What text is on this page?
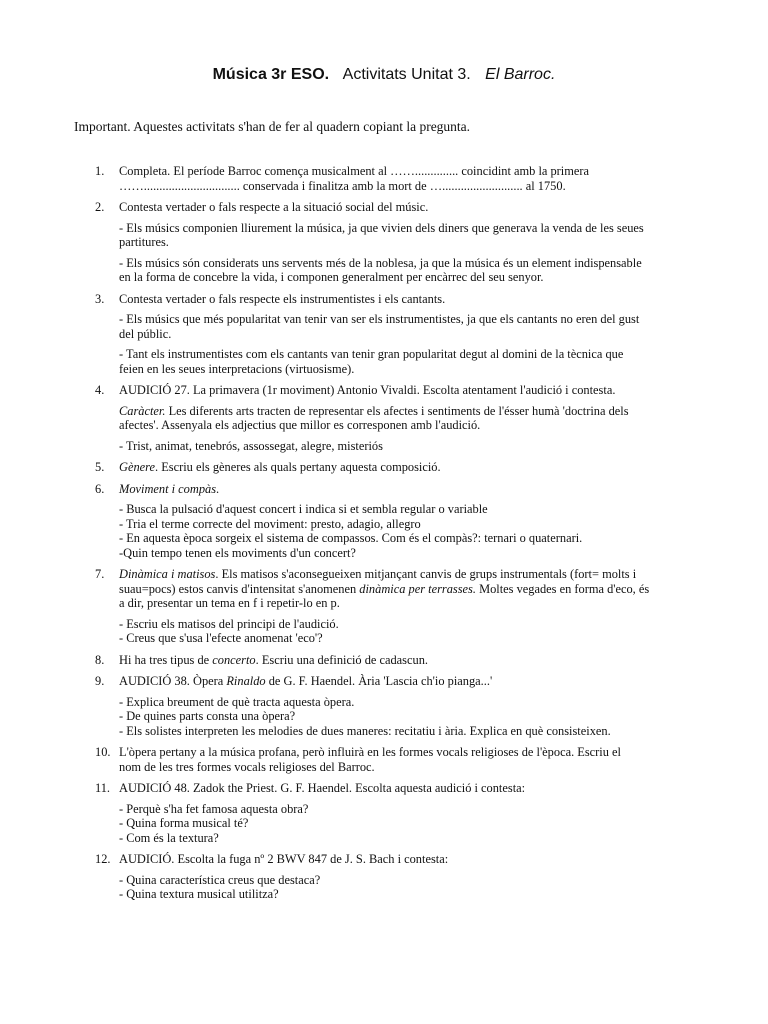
Música 3r ESO. Activitats Unitat 3. El Barroc.
Important. Aquestes activitats s'han de fer al quadern copiant la pregunta.
1. Completa. El període Barroc comença musicalment al …….............. coincidint amb la primera
……............................... conservada i finalitza amb la mort de ….......................... al 1750.
2. Contesta vertader o fals respecte a la situació social del músic.
- Els músics componien lliurement la música, ja que vivien dels diners que generava la venda de les seues
partitures.
- Els músics són considerats uns servents més de la noblesa, ja que la música és un element indispensable
en la forma de concebre la vida, i componen generalment per encàrrec del seu senyor.
3. Contesta vertader o fals respecte els instrumentistes i els cantants.
- Els músics que més popularitat van tenir van ser els instrumentistes, ja que els cantants no eren del gust
del públic.
- Tant els instrumentistes com els cantants van tenir gran popularitat degut al domini de la tècnica que
feien en les seues interpretacions (virtuosisme).
4. AUDICIÓ 27. La primavera (1r moviment) Antonio Vivaldi. Escolta atentament l'audició i contesta.
Caràcter. Les diferents arts tracten de representar els afectes i sentiments de l'ésser humà 'doctrina dels
afectes'. Assenyala els adjectius que millor es corresponen amb l'audició.
- Trist, animat, tenebrós, assossegat, alegre, misteriós
5. Gènere. Escriu els gèneres als quals pertany aquesta composició.
6. Moviment i compàs.
- Busca la pulsació d'aquest concert i indica si et sembla regular o variable
- Tria el terme correcte del moviment: presto, adagio, allegro
- En aquesta època sorgeix el sistema de compassos. Com és el compàs?: ternari o quaternari.
-Quin tempo tenen els moviments d'un concert?
7. Dinàmica i matisos. Els matisos s'aconsegueixen mitjançant canvis de grups instrumentals (fort= molts i
suau=pocs) estos canvis d'intensitat s'anomenen dinàmica per terrasses. Moltes vegades en forma d'eco, és
a dir, presentar un tema en f i repetir-lo en p.
- Escriu els matisos del principi de l'audició.
- Creus que s'usa l'efecte anomenat 'eco'?
8. Hi ha tres tipus de concerto. Escriu una definició de cadascun.
9. AUDICIÓ 38. Òpera Rinaldo de G. F. Haendel. Ària 'Lascia ch'io pianga...'
- Explica breument de què tracta aquesta òpera.
- De quines parts consta una òpera?
- Els solistes interpreten les melodies de dues maneres: recitatiu i ària. Explica en què consisteixen.
10. L'òpera pertany a la música profana, però influirà en les formes vocals religioses de l'època. Escriu el
nom de les tres formes vocals religioses del Barroc.
11. AUDICIÓ 48. Zadok the Priest. G. F. Haendel. Escolta aquesta audició i contesta:
- Perquè s'ha fet famosa aquesta obra?
- Quina forma musical té?
- Com és la textura?
12. AUDICIÓ. Escolta la fuga nº 2 BWV 847 de J. S. Bach i contesta:
- Quina característica creus que destaca?
- Quina textura musical utilitza?
